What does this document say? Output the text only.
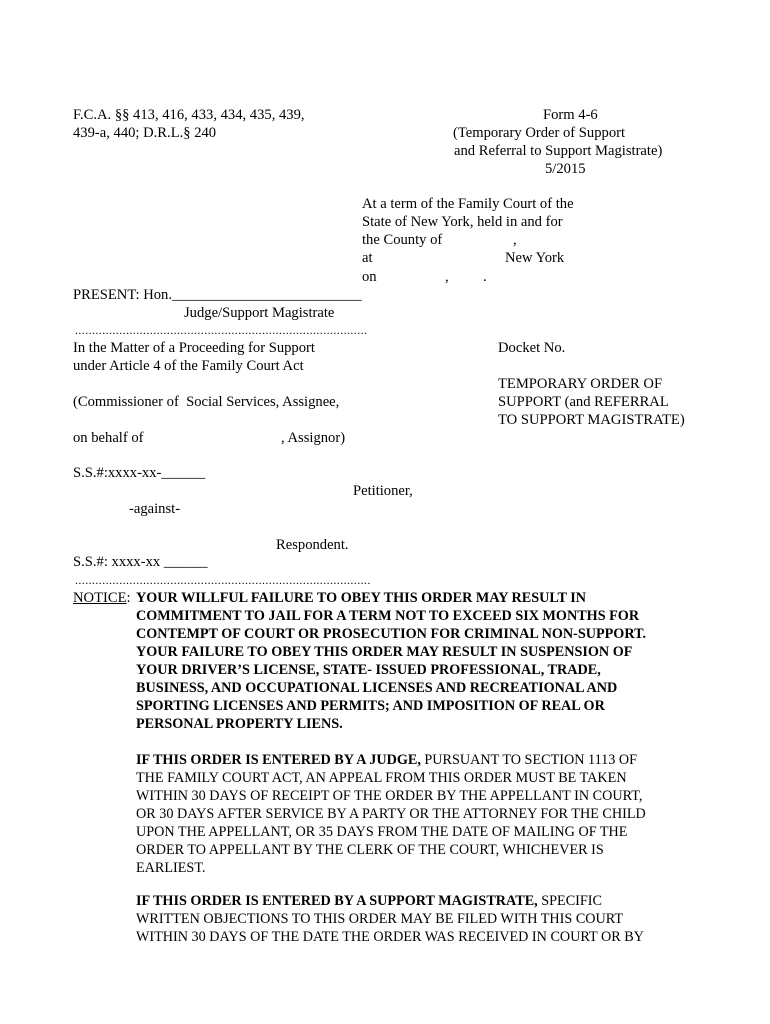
F.C.A. §§ 413, 416, 433, 434, 435, 439,
439-a, 440; D.R.L.§ 240
Form 4-6
(Temporary Order of Support
and Referral to Support Magistrate)
5/2015
At a term of the Family Court of the
State of New York, held in and for
the County of	,
at	New York
on	, .
PRESENT: Hon.__________________________
Judge/Support Magistrate
......................................................................................
In the Matter of a Proceeding for Support
under Article 4 of the Family Court Act
(Commissioner of  Social Services, Assignee,
on behalf of	, Assignor)
S.S.#:xxxx-xx-______
Petitioner,
-against-
Respondent.
S.S.#: xxxx-xx ______
.......................................................................................
Docket No.
TEMPORARY ORDER OF
SUPPORT (and REFERRAL
TO SUPPORT MAGISTRATE)
NOTICE: YOUR WILLFUL FAILURE TO OBEY THIS ORDER MAY RESULT IN

COMMITMENT TO JAIL FOR A TERM NOT TO EXCEED SIX MONTHS FOR

CONTEMPT OF COURT OR PROSECUTION FOR CRIMINAL NON-SUPPORT.

YOUR FAILURE TO OBEY THIS ORDER MAY RESULT IN SUSPENSION OF

YOUR DRIVER’S LICENSE, STATE- ISSUED PROFESSIONAL, TRADE,

BUSINESS, AND OCCUPATIONAL LICENSES AND RECREATIONAL AND

SPORTING LICENSES AND PERMITS; AND IMPOSITION OF REAL OR

PERSONAL PROPERTY LIENS.

IF THIS ORDER IS ENTERED BY A JUDGE, PURSUANT TO SECTION 1113 OF

THE FAMILY COURT ACT, AN APPEAL FROM THIS ORDER MUST BE TAKEN

WITHIN 30 DAYS OF RECEIPT OF THE ORDER BY THE APPELLANT IN COURT,

OR 30 DAYS AFTER SERVICE BY A PARTY OR THE ATTORNEY FOR THE CHILD

UPON THE APPELLANT, OR 35 DAYS FROM THE DATE OF MAILING OF THE

ORDER TO APPELLANT BY THE CLERK OF THE COURT, WHICHEVER IS

EARLIEST.

IF THIS ORDER IS ENTERED BY A SUPPORT MAGISTRATE, SPECIFIC

WRITTEN OBJECTIONS TO THIS ORDER MAY BE FILED WITH THIS COURT

WITHIN 30 DAYS OF THE DATE THE ORDER WAS RECEIVED IN COURT OR BY
